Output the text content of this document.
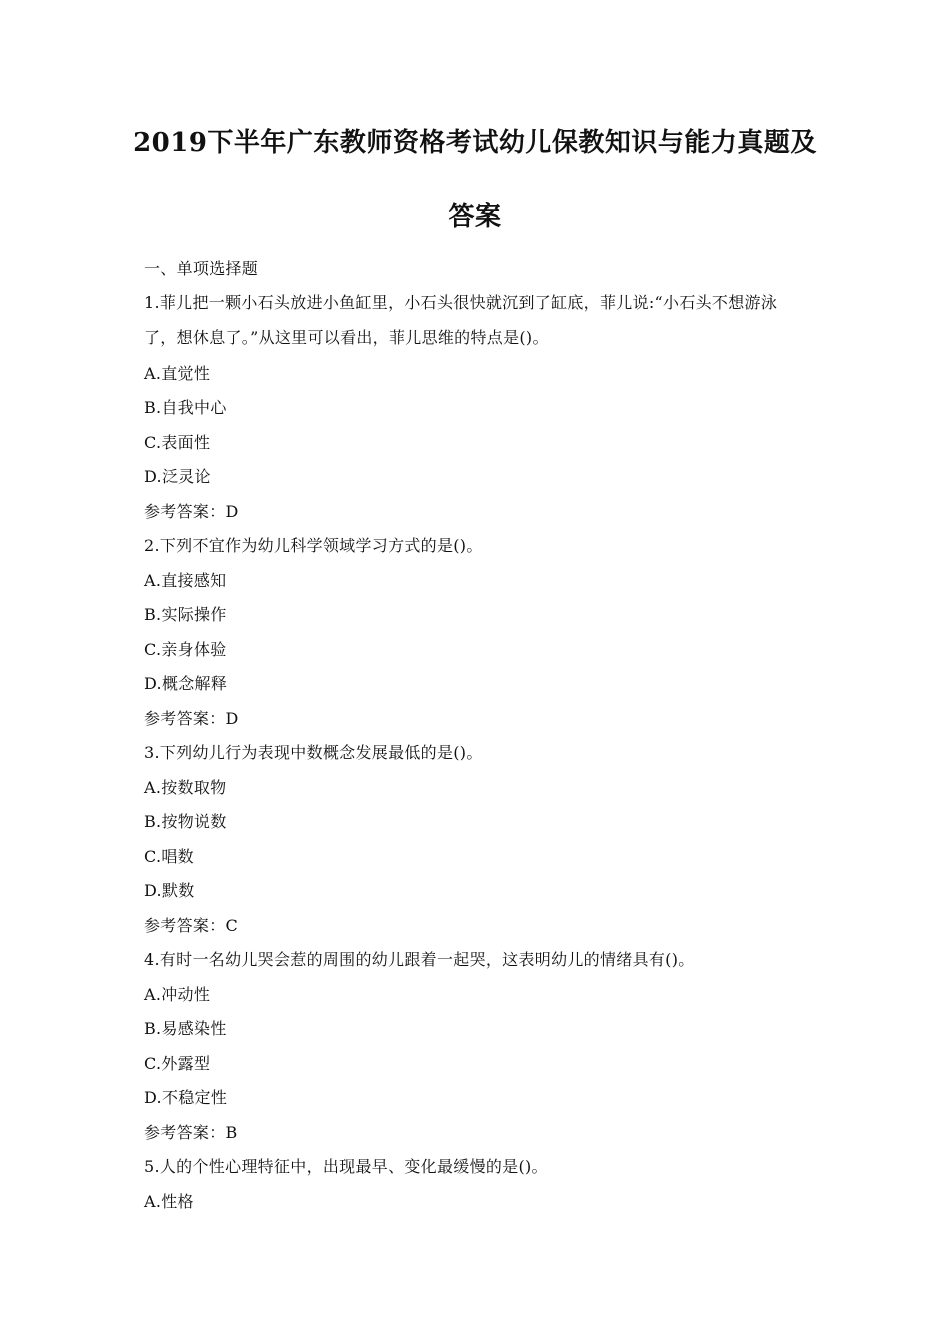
2019下半年广东教师资格考试幼儿保教知识与能力真题及
答案
一、单项选择题
1.菲儿把一颗小石头放进小鱼缸里，小石头很快就沉到了缸底，菲儿说:“小石头不想游泳
了，想休息了。”从这里可以看出，菲儿思维的特点是()。
A.直觉性
B.自我中心
C.表面性
D.泛灵论
参考答案：D
2.下列不宜作为幼儿科学领域学习方式的是()。
A.直接感知
B.实际操作
C.亲身体验
D.概念解释
参考答案：D
3.下列幼儿行为表现中数概念发展最低的是()。
A.按数取物
B.按物说数
C.唱数
D.默数
参考答案：C
4.有时一名幼儿哭会惹的周围的幼儿跟着一起哭，这表明幼儿的情绪具有()。
A.冲动性
B.易感染性
C.外露型
D.不稳定性
参考答案：B
5.人的个性心理特征中，出现最早、变化最缓慢的是()。
A.性格
